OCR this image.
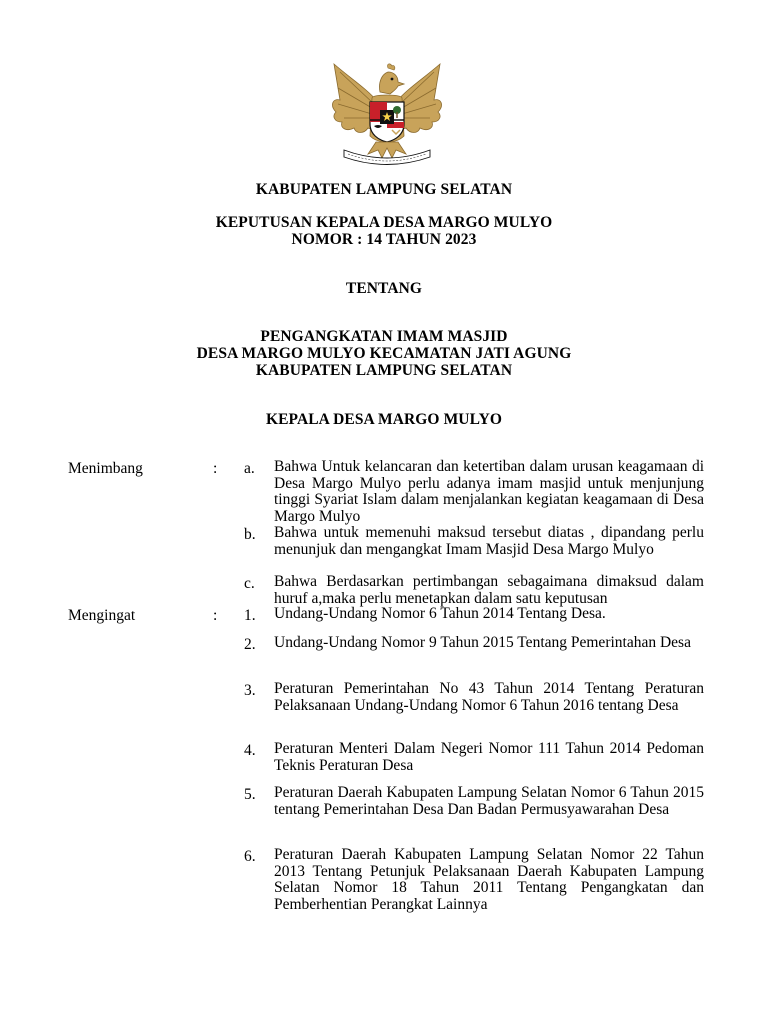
KABUPATEN LAMPUNG SELATAN
KEPUTUSAN KEPALA DESA MARGO MULYO
NOMOR : 14 TAHUN 2023
TENTANG
PENGANGKATAN IMAM MASJID
DESA MARGO MULYO KECAMATAN JATI AGUNG
KABUPATEN LAMPUNG SELATAN
KEPALA DESA MARGO MULYO
Menimbang	: a. Bahwa Untuk kelancaran dan ketertiban dalam urusan keagamaan di Desa Margo Mulyo perlu adanya imam masjid untuk menjunjung tinggi Syariat Islam dalam menjalankan kegiatan keagamaan di Desa Margo Mulyo
b. Bahwa untuk memenuhi maksud tersebut diatas , dipandang perlu menunjuk dan mengangkat Imam Masjid Desa Margo Mulyo
c. Bahwa Berdasarkan pertimbangan sebagaimana dimaksud dalam huruf a,maka perlu menetapkan dalam satu keputusan
Mengingat	: 1. Undang-Undang Nomor 6 Tahun 2014 Tentang Desa.
2. Undang-Undang Nomor 9 Tahun 2015 Tentang Pemerintahan Desa
3. Peraturan Pemerintahan No 43 Tahun 2014 Tentang Peraturan Pelaksanaan Undang-Undang Nomor 6 Tahun 2016 tentang Desa
4. Peraturan Menteri Dalam Negeri Nomor 111 Tahun 2014 Pedoman Teknis Peraturan Desa
5. Peraturan Daerah Kabupaten Lampung Selatan Nomor 6 Tahun 2015 tentang Pemerintahan Desa Dan Badan Permusyawarahan Desa
6. Peraturan Daerah Kabupaten Lampung Selatan Nomor 22 Tahun 2013 Tentang Petunjuk Pelaksanaan Daerah Kabupaten Lampung Selatan Nomor 18 Tahun 2011 Tentang Pengangkatan dan Pemberhentian Perangkat Lainnya
